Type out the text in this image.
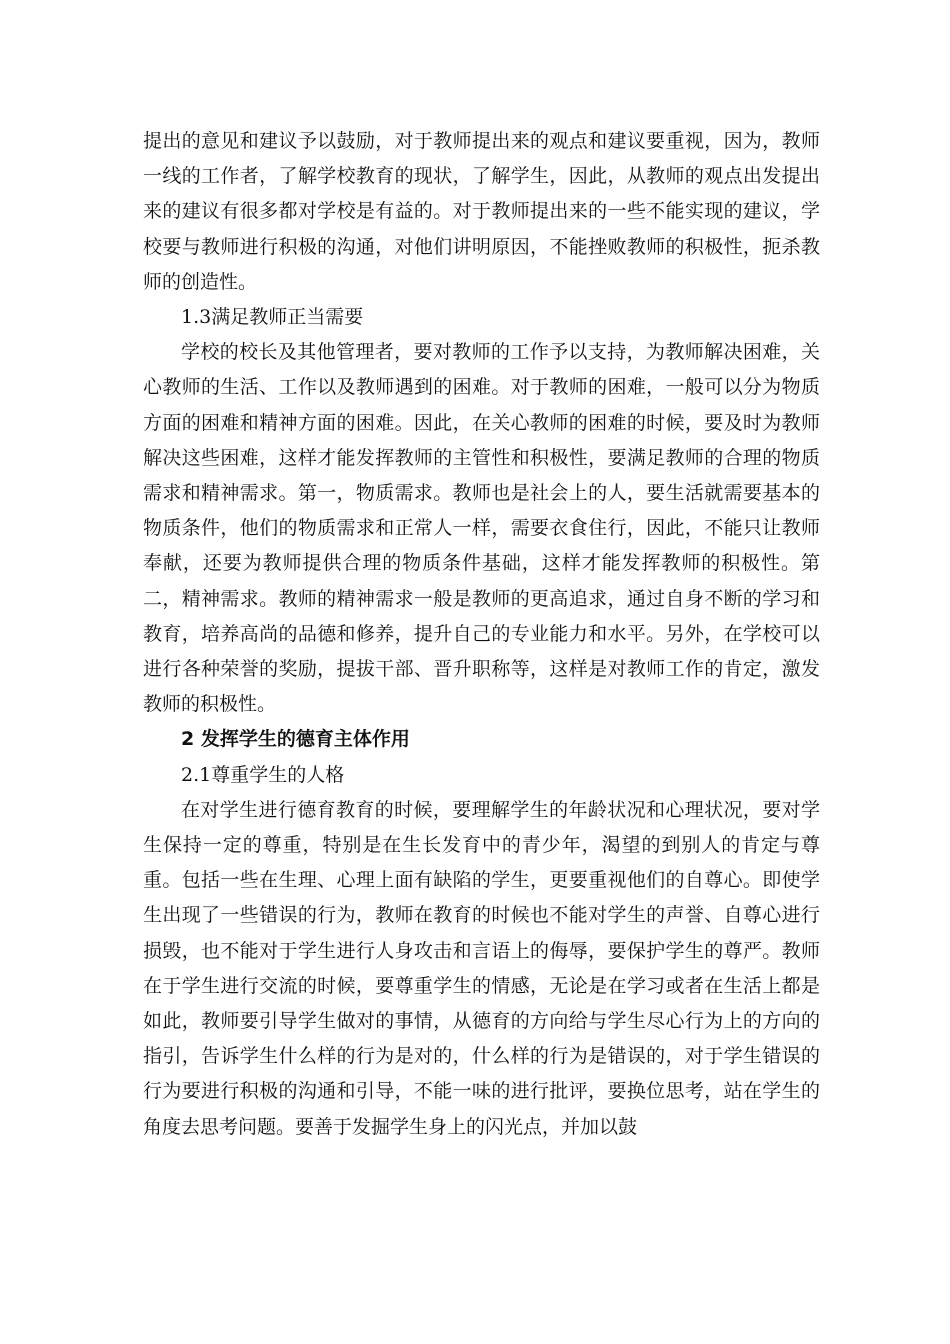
提出的意见和建议予以鼓励，对于教师提出来的观点和建议要重视，因为，教师一线的工作者，了解学校教育的现状，了解学生，因此，从教师的观点出发提出来的建议有很多都对学校是有益的。对于教师提出来的一些不能实现的建议，学校要与教师进行积极的沟通，对他们讲明原因，不能挫败教师的积极性，扼杀教师的创造性。

1.3满足教师正当需要

学校的校长及其他管理者，要对教师的工作予以支持，为教师解决困难，关心教师的生活、工作以及教师遇到的困难。对于教师的困难，一般可以分为物质方面的困难和精神方面的困难。因此，在关心教师的困难的时候，要及时为教师解决这些困难，这样才能发挥教师的主管性和积极性，要满足教师的合理的物质需求和精神需求。第一，物质需求。教师也是社会上的人，要生活就需要基本的物质条件，他们的物质需求和正常人一样，需要衣食住行，因此，不能只让教师奉献，还要为教师提供合理的物质条件基础，这样才能发挥教师的积极性。第二，精神需求。教师的精神需求一般是教师的更高追求，通过自身不断的学习和教育，培养高尚的品德和修养，提升自己的专业能力和水平。另外，在学校可以进行各种荣誉的奖励，提拔干部、晋升职称等，这样是对教师工作的肯定，激发教师的积极性。

2 发挥学生的德育主体作用

2.1尊重学生的人格

在对学生进行德育教育的时候，要理解学生的年龄状况和心理状况，要对学生保持一定的尊重，特别是在生长发育中的青少年，渴望的到别人的肯定与尊重。包括一些在生理、心理上面有缺陷的学生，更要重视他们的自尊心。即使学生出现了一些错误的行为，教师在教育的时候也不能对学生的声誉、自尊心进行损毁，也不能对于学生进行人身攻击和言语上的侮辱，要保护学生的尊严。教师在于学生进行交流的时候，要尊重学生的情感，无论是在学习或者在生活上都是如此，教师要引导学生做对的事情，从德育的方向给与学生尽心行为上的方向的指引，告诉学生什么样的行为是对的，什么样的行为是错误的，对于学生错误的行为要进行积极的沟通和引导，不能一味的进行批评，要换位思考，站在学生的角度去思考问题。要善于发掘学生身上的闪光点，并加以鼓
